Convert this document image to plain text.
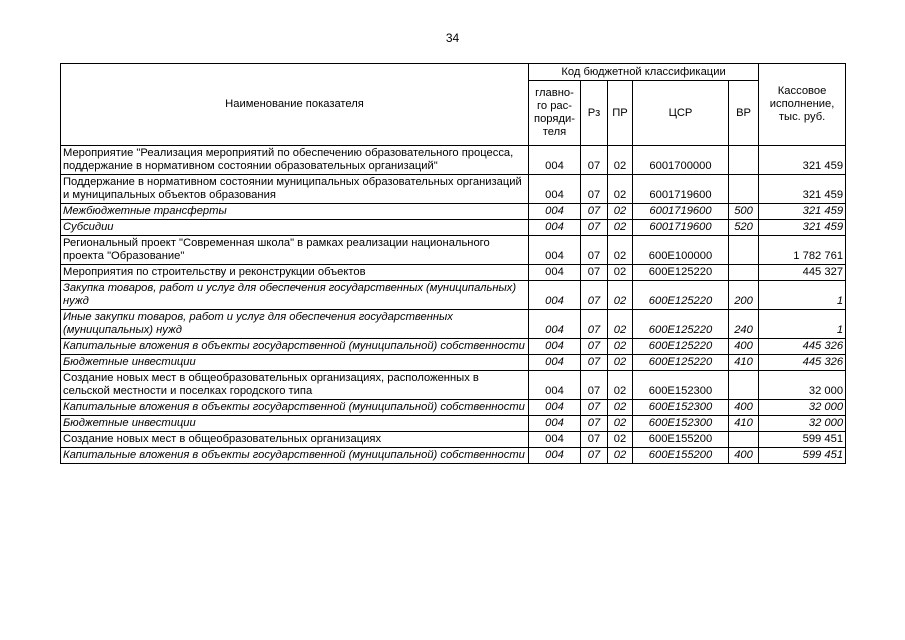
34
Наименование показателя	Код бюджетной классификации					Кассовое
исполнение,
тыс. руб.
	главно-
го рас-
поряди-
теля	Рз	ПР	ЦСР	ВР	
Мероприятие "Реализация мероприятий по обеспечению образовательного процесса, поддержание в нормативном состоянии образовательных организаций"	004	07	02	6001700000		321 459
Поддержание в нормативном состоянии муниципальных образовательных организаций и муниципальных объектов образования	004	07	02	6001719600		321 459
Межбюджетные трансферты	004	07	02	6001719600	500	321 459
Субсидии	004	07	02	6001719600	520	321 459
Региональный проект "Современная школа" в рамках реализации национального проекта "Образование"	004	07	02	600E100000		1 782 761
Мероприятия по строительству и реконструкции объектов	004	07	02	600E125220		445 327
Закупка товаров, работ и услуг для обеспечения государственных (муниципальных) нужд	004	07	02	600E125220	200	1
Иные закупки товаров, работ и услуг для обеспечения государственных (муниципальных) нужд	004	07	02	600E125220	240	1
Капитальные вложения в объекты государственной (муниципальной) собственности	004	07	02	600E125220	400	445 326
Бюджетные инвестиции	004	07	02	600E125220	410	445 326
Создание новых мест в общеобразовательных организациях, расположенных в сельской местности и поселках городского типа	004	07	02	600E152300		32 000
Капитальные вложения в объекты государственной (муниципальной) собственности	004	07	02	600E152300	400	32 000
Бюджетные инвестиции	004	07	02	600E152300	410	32 000
Создание новых мест в общеобразовательных организациях	004	07	02	600E155200		599 451
Капитальные вложения в объекты государственной (муниципальной) собственности	004	07	02	600E155200	400	599 451
